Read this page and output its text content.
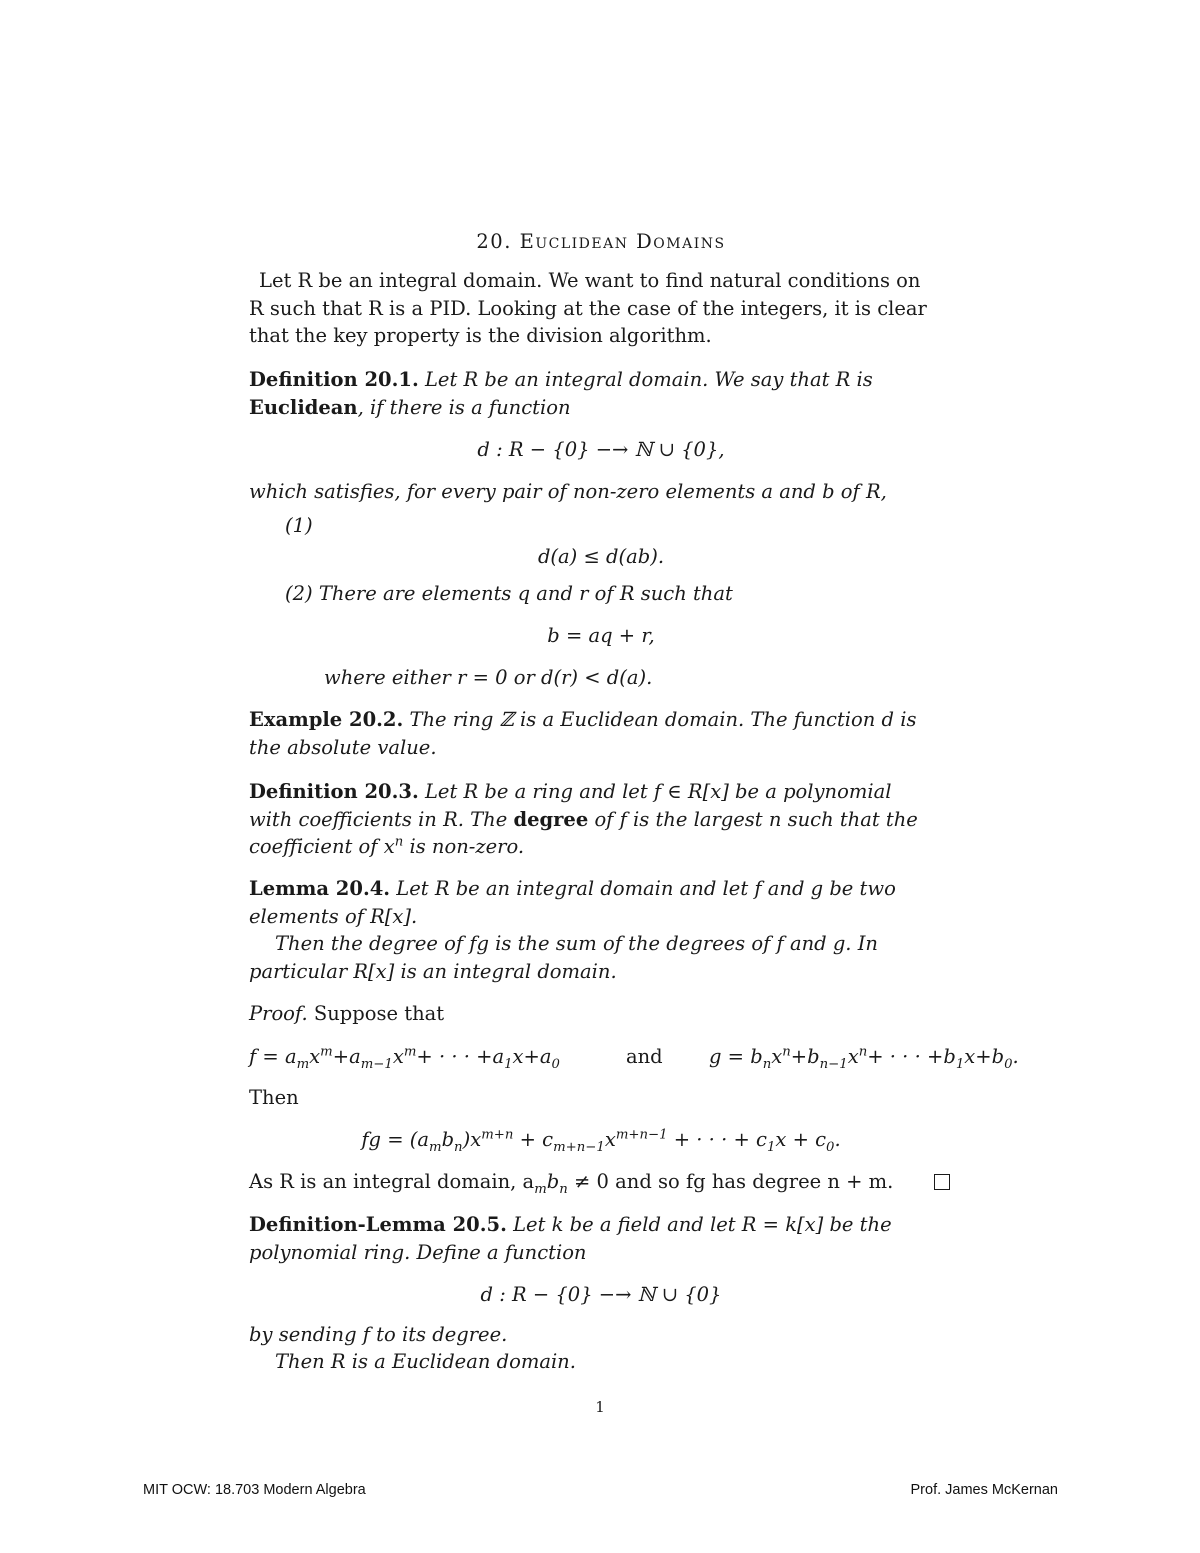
20. Euclidean Domains
Let R be an integral domain. We want to find natural conditions on
R such that R is a PID. Looking at the case of the integers, it is clear
that the key property is the division algorithm.
Definition 20.1. Let R be an integral domain. We say that R is
Euclidean, if there is a function
d : R − {0} −→ ℕ ∪ {0},
which satisfies, for every pair of non-zero elements a and b of R,
(1)
d(a) ≤ d(ab).
(2) There are elements q and r of R such that
b = aq + r,
where either r = 0 or d(r) < d(a).
Example 20.2. The ring ℤ is a Euclidean domain. The function d is
the absolute value.
Definition 20.3. Let R be a ring and let f ∈ R[x] be a polynomial
with coefficients in R. The degree of f is the largest n such that the
coefficient of $x^n$ is non-zero.
Lemma 20.4. Let R be an integral domain and let f and g be two
elements of R[x].
Then the degree of fg is the sum of the degrees of f and g. In
particular R[x] is an integral domain.
Proof. Suppose that
$f = a_mx^m+a_{m-1}x^m+$ · · · $+a_1x+a_0$	and $g = b_nx^n+b_{n-1}x^n+$ · · · $+b_1x+b_0$.
Then
fg = $(a_mb_n)x^{m+n} + c_{m+n-1}x^{m+n-1}$ + · · · + $c_1x + c_0$.
As R is an integral domain, $a_mb_n \ne 0$ and so fg has degree n + m.
Definition-Lemma 20.5. Let k be a field and let R = k[x] be the
polynomial ring. Define a function
d : R − {0} −→ ℕ ∪ {0}
by sending f to its degree.
Then R is a Euclidean domain.
1
MIT OCW: 18.703 Modern Algebra	Prof. James McKernan
